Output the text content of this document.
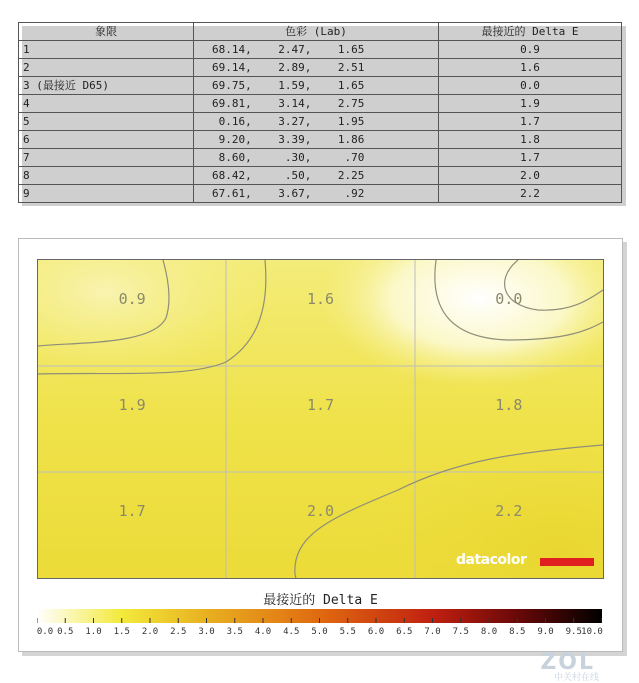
象限	色彩 (Lab)	最接近的 Delta E
1	68.14,    2.47,    1.65	0.9
2	69.14,    2.89,    2.51	1.6
3 (最接近 D65)	69.75,    1.59,    1.65	0.0
4	69.81,    3.14,    2.75	1.9
5	0.16,    3.27,    1.95	1.7
6	9.20,    3.39,    1.86	1.8
7	8.60,     .30,     .70	1.7
8	68.42,     .50,    2.25	2.0
9	67.61,    3.67,     .92	2.2
0.9	1.6	0.0
1.9	1.7	1.8
1.7	2.0	2.2
datacolor
最接近的 Delta E
0.0 0.5 1.0 1.5 2.0 2.5 3.0 3.5 4.0 4.5 5.0 5.5 6.0 6.5 7.0 7.5 8.0 8.5 9.0 9.5 10.0
ZOL
中关村在线
